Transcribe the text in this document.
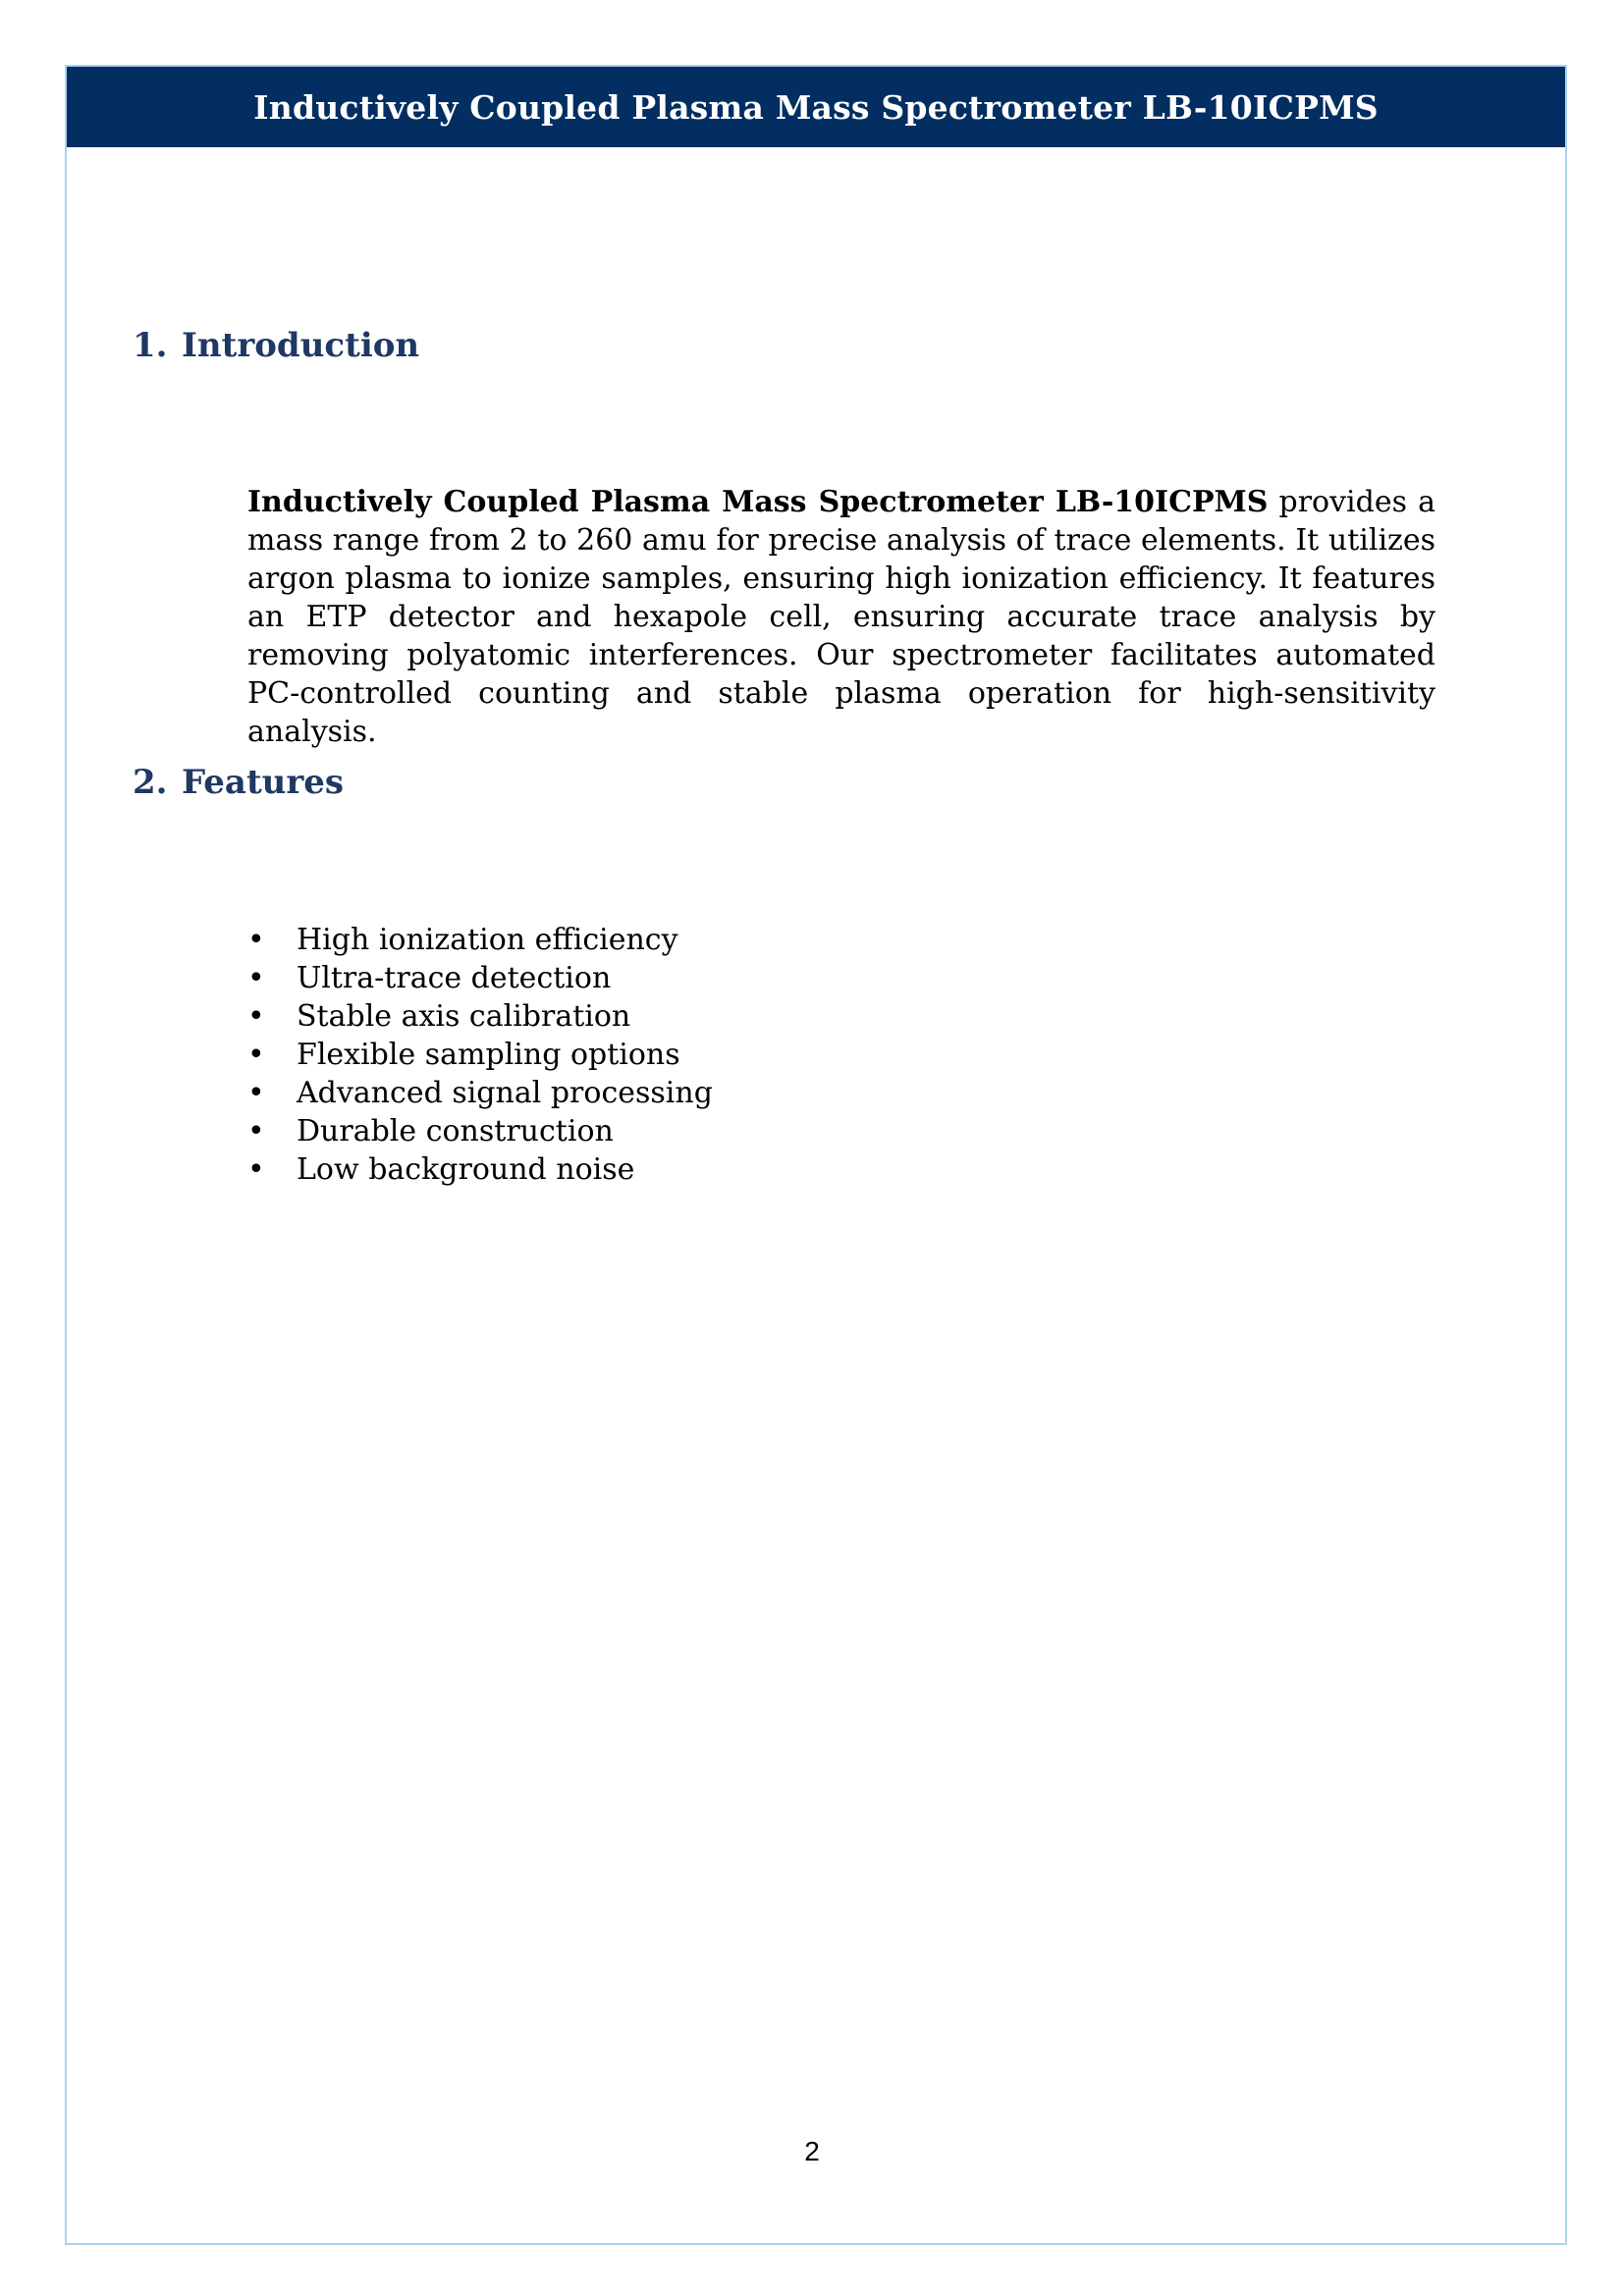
Inductively Coupled Plasma Mass Spectrometer LB-10ICPMS
1. Introduction

Inductively Coupled Plasma Mass Spectrometer LB-10ICPMS provides a mass range from 2 to 260 amu for precise analysis of trace elements. It utilizes argon plasma to ionize samples, ensuring high ionization efficiency. It features an ETP detector and hexapole cell, ensuring accurate trace analysis by removing polyatomic interferences. Our spectrometer facilitates automated PC-controlled counting and stable plasma operation for high-sensitivity analysis.

2. Features
• High ionization efficiency
• Ultra-trace detection
• Stable axis calibration
• Flexible sampling options
• Advanced signal processing
• Durable construction
• Low background noise
2
